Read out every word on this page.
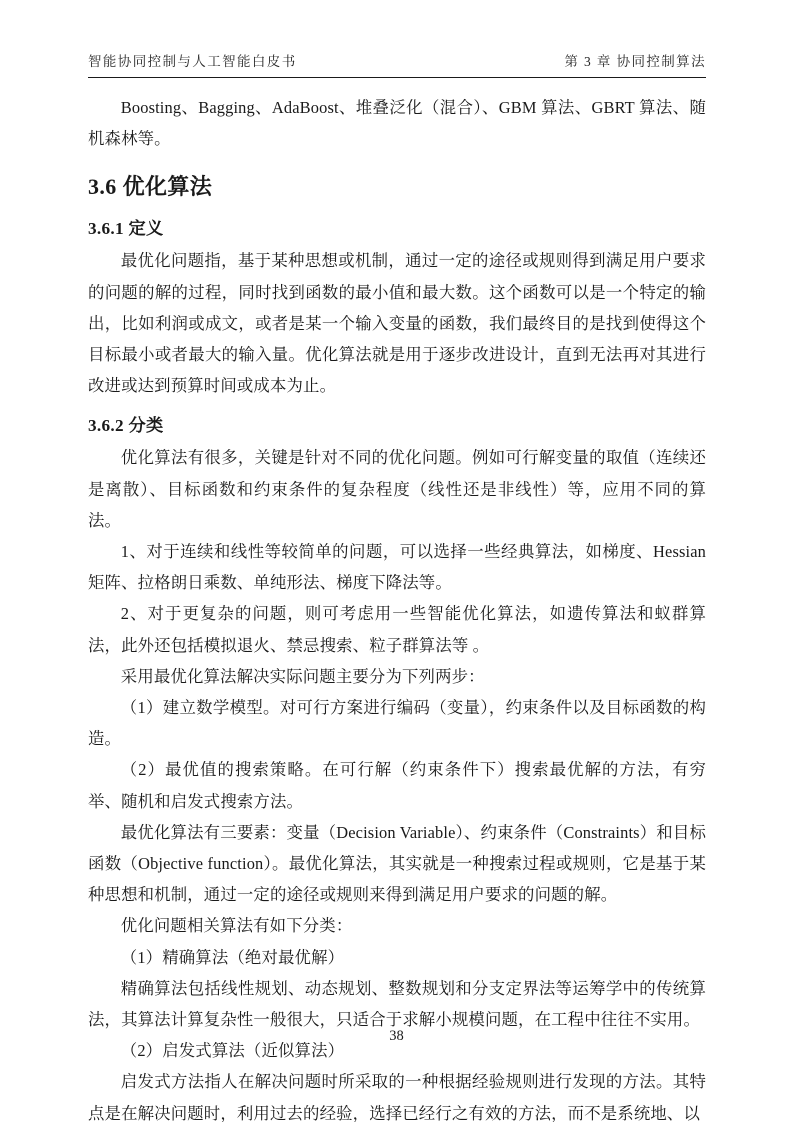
智能协同控制与人工智能白皮书	第 3 章 协同控制算法

Boosting、Bagging、AdaBoost、堆叠泛化（混合）、GBM 算法、GBRT 算法、随机森林等。

3.6 优化算法
3.6.1 定义

最优化问题指，基于某种思想或机制，通过一定的途径或规则得到满足用户要求的问题的解的过程，同时找到函数的最小值和最大数。这个函数可以是一个特定的输出，比如利润或成文，或者是某一个输入变量的函数，我们最终目的是找到使得这个目标最小或者最大的输入量。优化算法就是用于逐步改进设计，直到无法再对其进行改进或达到预算时间或成本为止。

3.6.2 分类

优化算法有很多，关键是针对不同的优化问题。例如可行解变量的取值（连续还是离散）、目标函数和约束条件的复杂程度（线性还是非线性）等，应用不同的算法。

1、对于连续和线性等较简单的问题，可以选择一些经典算法，如梯度、Hessian 矩阵、拉格朗日乘数、单纯形法、梯度下降法等。

2、对于更复杂的问题，则可考虑用一些智能优化算法，如遗传算法和蚁群算法，此外还包括模拟退火、禁忌搜索、粒子群算法等 。

采用最优化算法解决实际问题主要分为下列两步：

（1）建立数学模型。对可行方案进行编码（变量），约束条件以及目标函数的构造。

（2）最优值的搜索策略。在可行解（约束条件下）搜索最优解的方法，有穷举、随机和启发式搜索方法。

最优化算法有三要素：变量（Decision Variable）、约束条件（Constraints）和目标函数（Objective function）。最优化算法，其实就是一种搜索过程或规则，它是基于某种思想和机制，通过一定的途径或规则来得到满足用户要求的问题的解。

优化问题相关算法有如下分类：

（1）精确算法（绝对最优解）

精确算法包括线性规划、动态规划、整数规划和分支定界法等运筹学中的传统算法，其算法计算复杂性一般很大，只适合于求解小规模问题，在工程中往往不实用。

（2）启发式算法（近似算法）

启发式方法指人在解决问题时所采取的一种根据经验规则进行发现的方法。其特点是在解决问题时，利用过去的经验，选择已经行之有效的方法，而不是系统地、以

38
